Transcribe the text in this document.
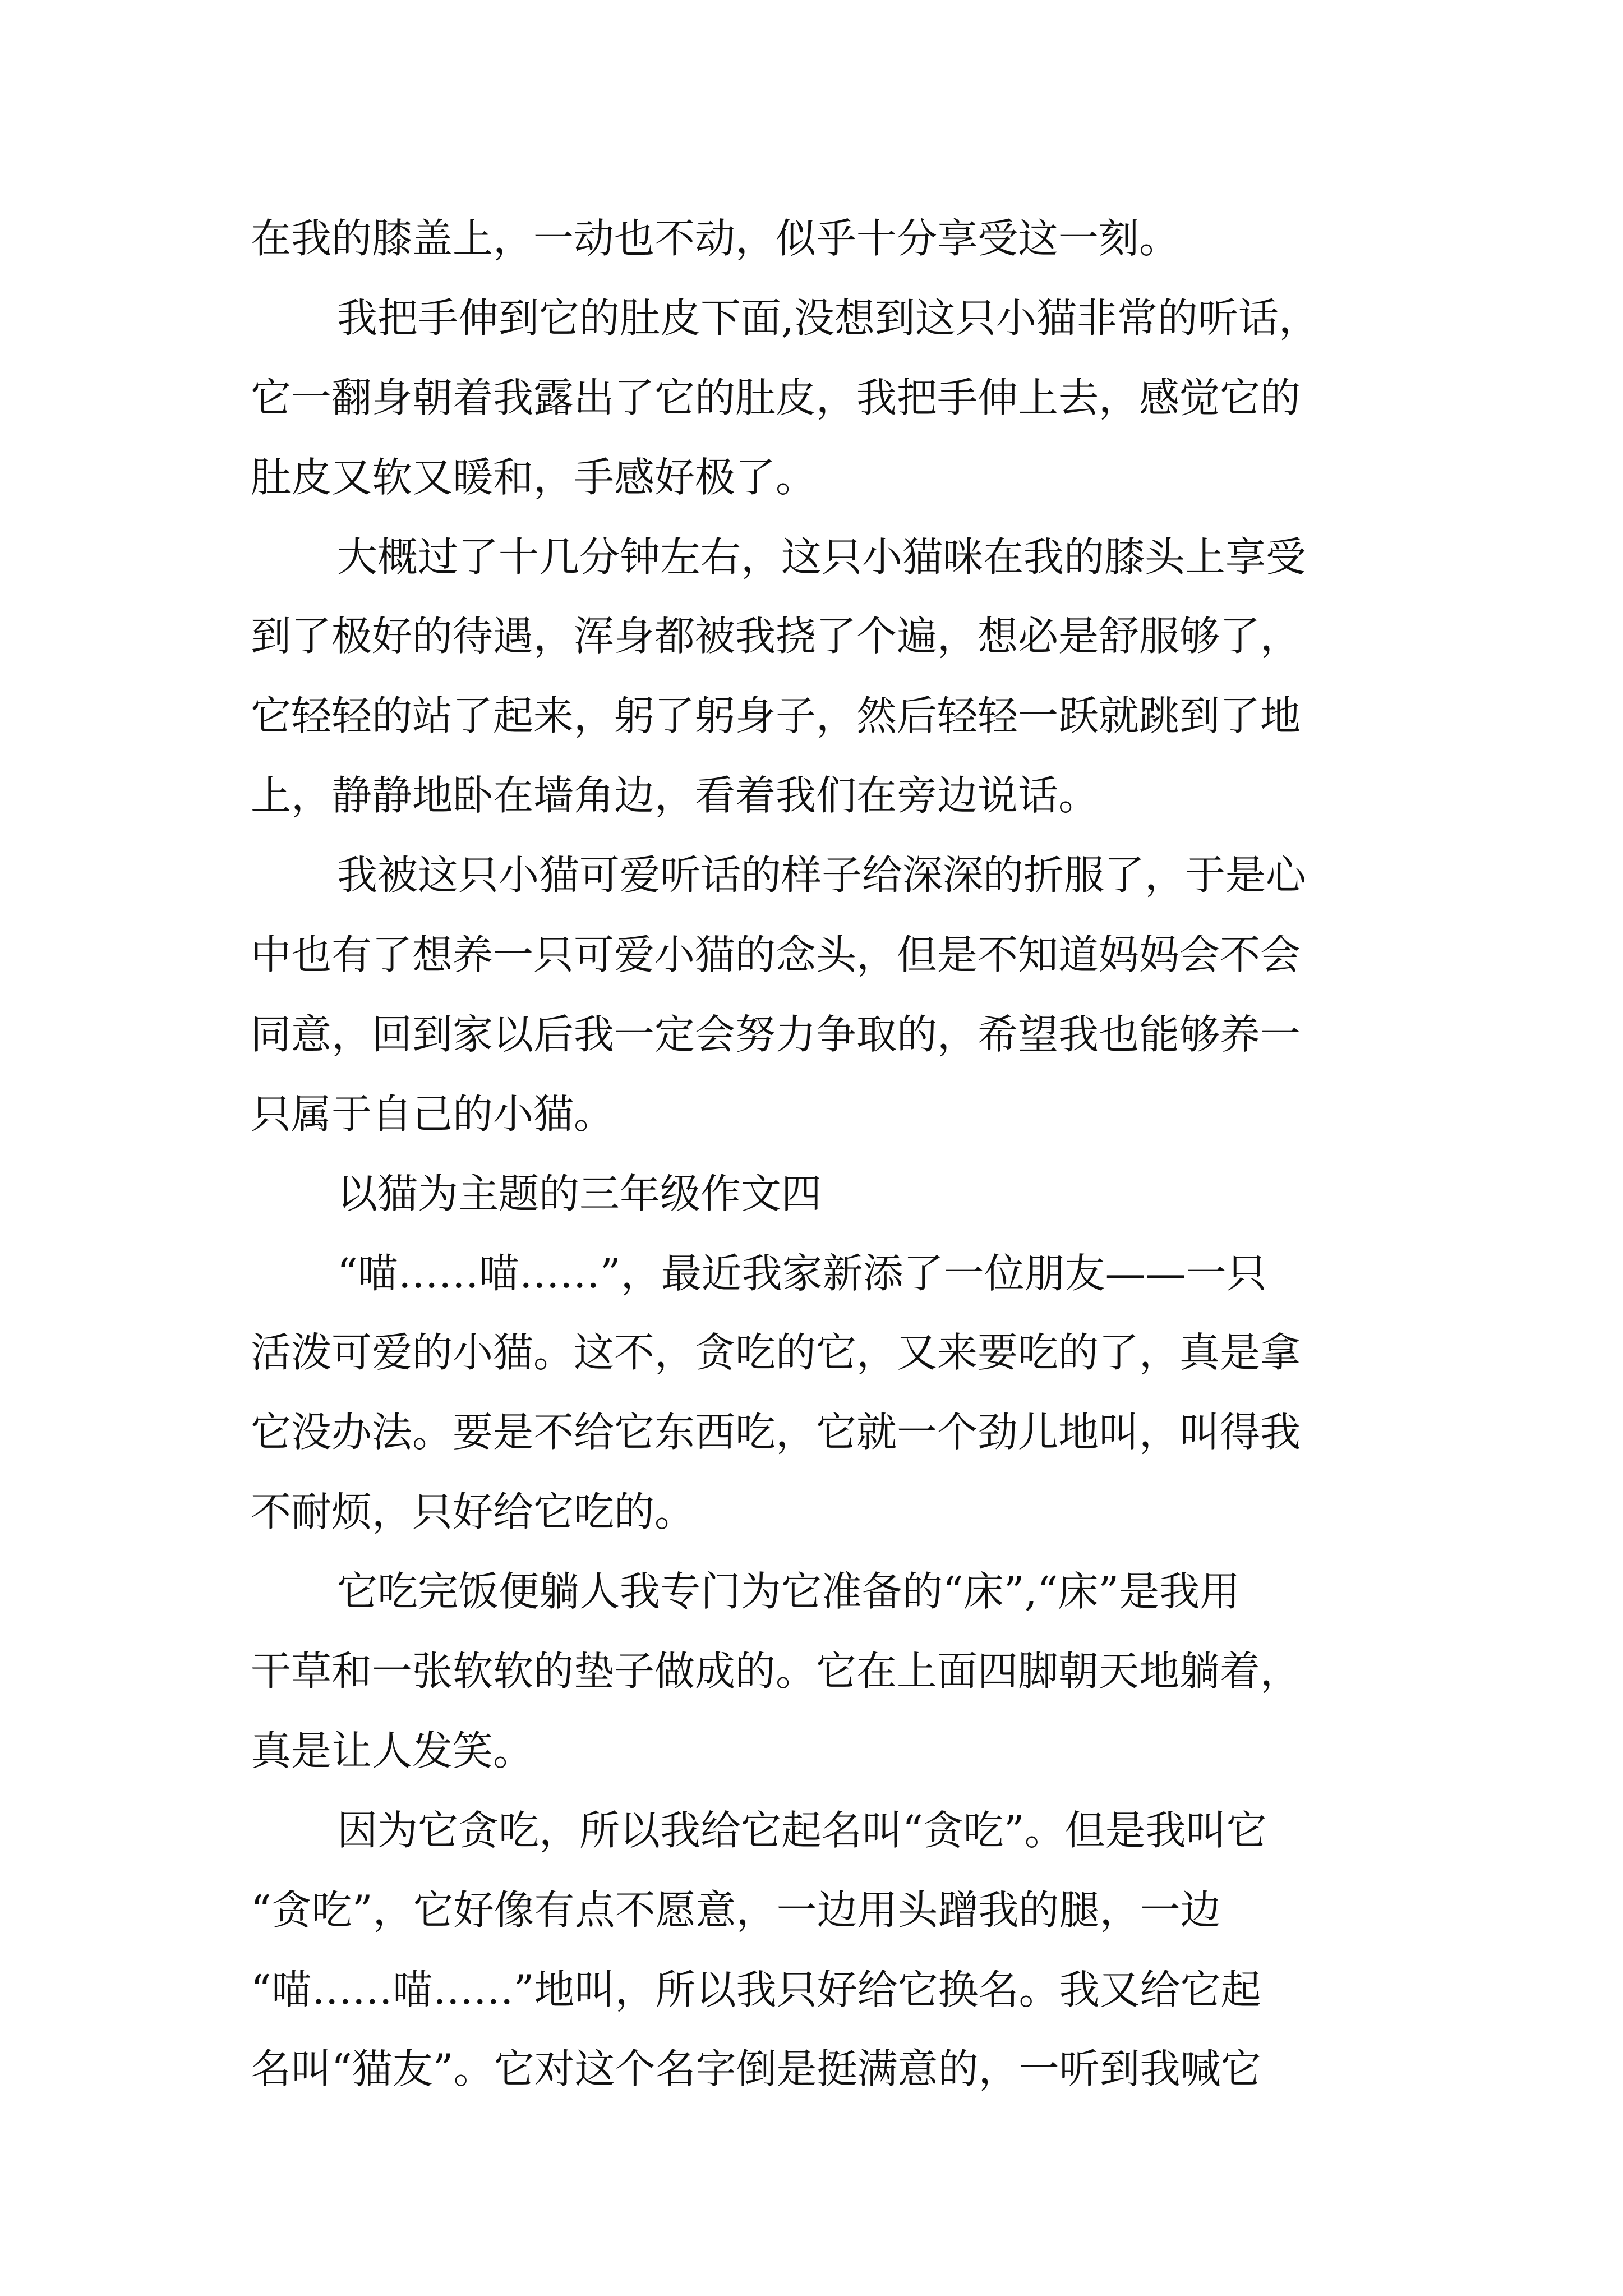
在我的膝盖上，一动也不动，似乎十分享受这一刻。
我把手伸到它的肚皮下面,没想到这只小猫非常的听话，
它一翻身朝着我露出了它的肚皮，我把手伸上去，感觉它的
肚皮又软又暖和，手感好极了。
大概过了十几分钟左右，这只小猫咪在我的膝头上享受
到了极好的待遇，浑身都被我挠了个遍，想必是舒服够了，
它轻轻的站了起来，躬了躬身子，然后轻轻一跃就跳到了地
上，静静地卧在墙角边，看着我们在旁边说话。
我被这只小猫可爱听话的样子给深深的折服了，于是心
中也有了想养一只可爱小猫的念头，但是不知道妈妈会不会
同意，回到家以后我一定会努力争取的，希望我也能够养一
只属于自己的小猫。
以猫为主题的三年级作文四
“喵……喵……”，最近我家新添了一位朋友——一只
活泼可爱的小猫。这不，贪吃的它，又来要吃的了，真是拿
它没办法。要是不给它东西吃，它就一个劲儿地叫，叫得我
不耐烦，只好给它吃的。
它吃完饭便躺人我专门为它准备的“床”,“床”是我用
干草和一张软软的垫子做成的。它在上面四脚朝天地躺着，
真是让人发笑。
因为它贪吃，所以我给它起名叫“贪吃”。但是我叫它
“贪吃”，它好像有点不愿意，一边用头蹭我的腿，一边
“喵……喵……”地叫，所以我只好给它换名。我又给它起
名叫“猫友”。它对这个名字倒是挺满意的，一听到我喊它
